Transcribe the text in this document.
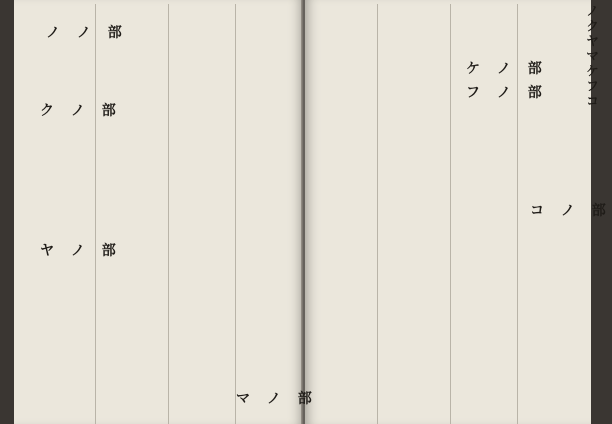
ノ ノ 部
ク ノ 部
ヤ ノ 部
マ ノ 部
ケ ノ 部
フ ノ 部
コ ノ 部
ノクヤマケフコ
